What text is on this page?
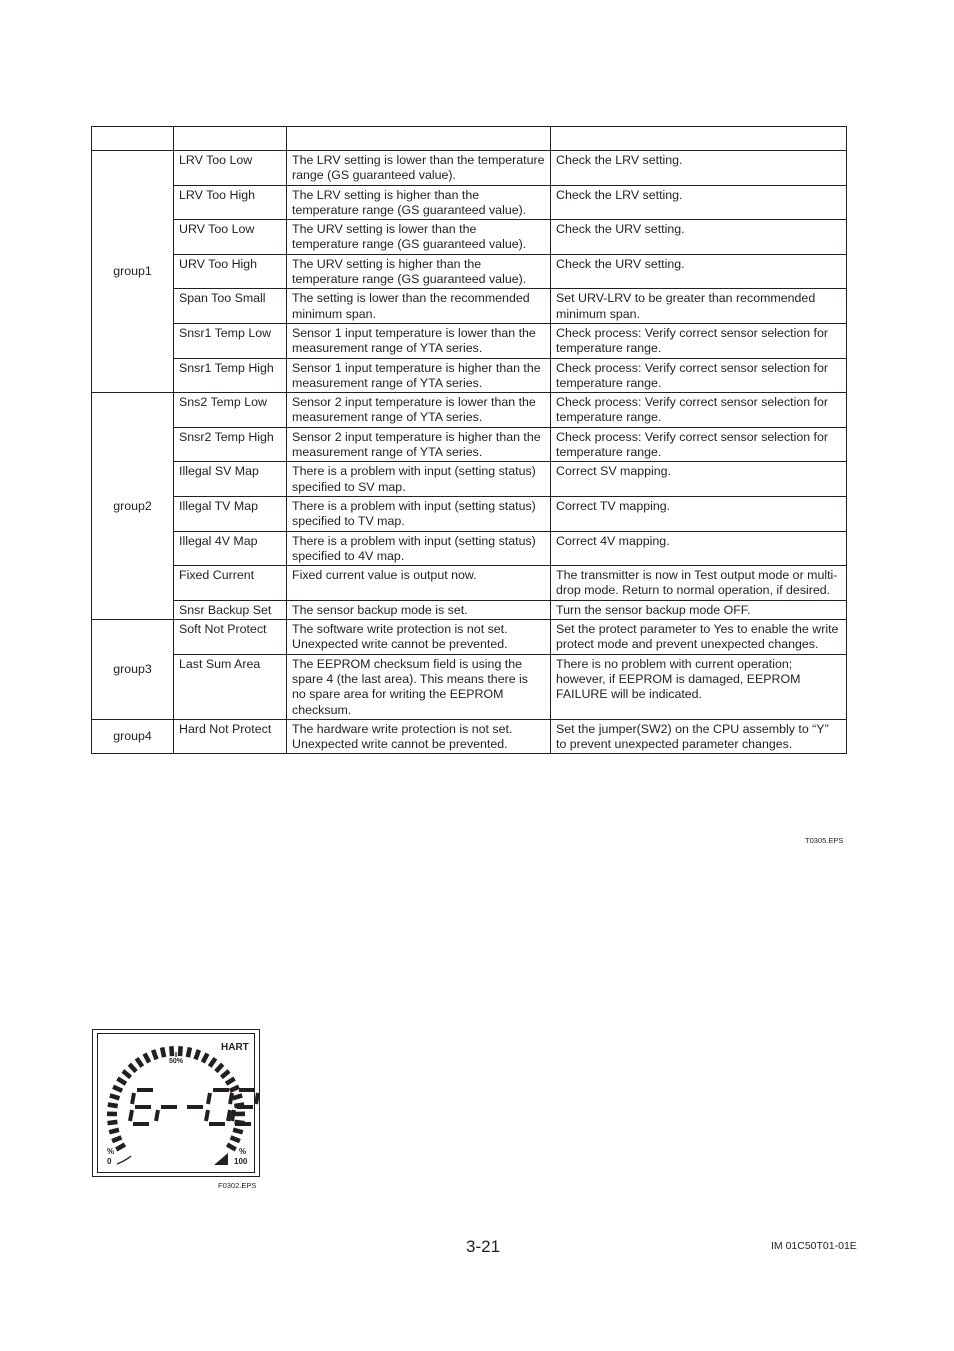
group1	LRV Too Low	The LRV setting is lower than the temperature range (GS guaranteed value).	Check the LRV setting.
	LRV Too High	The LRV setting is higher than the temperature range (GS guaranteed value).	Check the LRV setting.
	URV Too Low	The URV setting is lower than the temperature range (GS guaranteed value).	Check the URV setting.
	URV Too High	The URV setting is higher than the temperature range (GS guaranteed value).	Check the URV setting.
	Span Too Small	The setting is lower than the recommended minimum span.	Set URV-LRV to be greater than recommended minimum span.
	Snsr1 Temp Low	Sensor 1 input temperature is lower than the measurement range of YTA series.	Check process: Verify correct sensor selection for temperature range.
	Snsr1 Temp High	Sensor 1 input temperature is higher than the measurement range of YTA series.	Check process: Verify correct sensor selection for temperature range.
group2	Sns2 Temp Low	Sensor 2 input temperature is lower than the measurement range of YTA series.	Check process: Verify correct sensor selection for temperature range.
	Snsr2 Temp High	Sensor 2 input temperature is higher than the measurement range of YTA series.	Check process: Verify correct sensor selection for temperature range.
	Illegal SV Map	There is a problem with input (setting status) specified to SV map.	Correct SV mapping.
	Illegal TV Map	There is a problem with input (setting status) specified to TV map.	Correct TV mapping.
	Illegal 4V Map	There is a problem with input (setting status) specified to 4V map.	Correct 4V mapping.
	Fixed Current	Fixed current value is output now.	The transmitter is now in Test output mode or multi-drop mode. Return to normal operation, if desired.
	Snsr Backup Set	The sensor backup mode is set.	Turn the sensor backup mode OFF.
group3	Soft Not Protect	The software write protection is not set. Unexpected write cannot be prevented.	Set the protect parameter to Yes to enable the write protect mode and prevent unexpected changes.
	Last Sum Area	The EEPROM checksum field is using the spare 4 (the last area). This means there is no spare area for writing the EEPROM checksum.	There is no problem with current operation; however, if EEPROM is damaged, EEPROM FAILURE will be indicated.
group4	Hard Not Protect	The hardware write protection is not set. Unexpected write cannot be prevented.	Set the jumper(SW2) on the CPU assembly to “Y” to prevent unexpected parameter changes.
T0305.EPS
HART
50%
%
0
%
100
F0302.EPS
3-21	IM 01C50T01-01E
